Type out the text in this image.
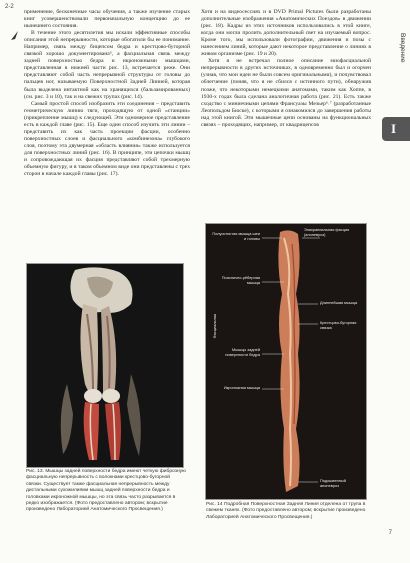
2-2

применение, бесконечные часы обучения, а также изучение старых книг усовершенствовали первоначальную концепцию до ее нынешнего состояния.

В течение этого десятилетия мы искали эффективные способы описания этой непрерывности, которые обогатили бы ее понимание. Например, связь между бицепсом бедра и крестцово-бугорной связкой хорошо документирована⁵, а фасциальная связь между задней поверхностью бедра и икроножными мышцами, представленная в нижней части рис. 13, встречается реже. Они представляют собой часть непрерывной структуры от головы до пальцев ног, называемую Поверхностной Задней Линией, которая была выделена интактной как на хранящихся (бальзамированных) (см. рис. 3 и 10), так и на свежих трупах (рис. 14).

Самый простой способ изобразить эти соединения – представить геометрическую линию тяги, проходящую от одной «станции» (прикрепление мышц) к следующей. Эти одномерное представление есть в каждой главе (рис. 15). Еще один способ изучить эти линии – представить их как часть проекции фасции, особенно поверхностных слоев и фасциального «комбинезона» глубокого слоя, поэтому эта двумерная «область влияния» также используется для поверхностных линий (рис. 16). В принципе, эти цепочки мышц и сопровождающая их фасция представляют собой трехмерную объемную фигуру, и в таком объемном виде они представлены с трех сторон в начале каждой главы (рис. 17).

Хотя и на видеосессиях и в DVD Primal Pictures были разработаны дополнительные изображения «Анатомических Поездов» в движении (рис. 18). Кадры из этих источников использовались в этой книге, когда они могли пролить дополнительный свет на изучаемый вопрос. Кроме того, мы использовали фотографии, движения и позы с нанесением линий, которые дают некоторое представление о линиях в живом организме (рис. 19 и 20).

Хотя я не встречал полное описание миофасциальной непрерывности в других источниках, в одновременно был и огорчен (узнав, что мои идеи не были совсем оригинальными), и почувствовал облегчение (поняв, что я не сбился с истинного пути), обнаружив позже, что некоторыми немецкими анатомами, таким как Хоппе, в 1930-х годах была сделана аналогичная работа (рис. 21). Есть также сходство с миниечными цепями Франсуазы Мезьер⁶˒⁷ (разработанные Леопольдом Бюске), с которыми я ознакомился до завершения работы над этой книгой. Эти мышечные цепи основаны на функциональных связях – проходящих, например, от квадрицепсов

Введение
I
Рис. 13. Мышцы задней поверхности бедра имеют четкую фиброзную фасциальную непрерывность с волокнами крестцово-бугорной связки. Существует также фасциальная непрерывность между дистальными сухожилиями мышц задней поверхности бедра и головками икроножной мышцы, но эта связь часто разрывается в редко изображается. (Фото предоставлено автором; вскрытие произведено Лабораторией Анатомического Просвещения.)
Эпикраниальная фасция (апоневроз)
Полуостистая мышца шеи и головы
Пояснично-рёберная мышца
Длиннейшая мышца
Крестцово-бугорная связка
Мышцы задней поверхности бедра
Икроножная мышца
Подошвенный апоневроз
Фасциальная
Рис. 14 Подробная Поверхностная Задняя Линия отделена от трупа в свежем тканях. (Фото предоставлено автором; вскрытие произведено Лабораторией Анатомического Просвещения.)
7
